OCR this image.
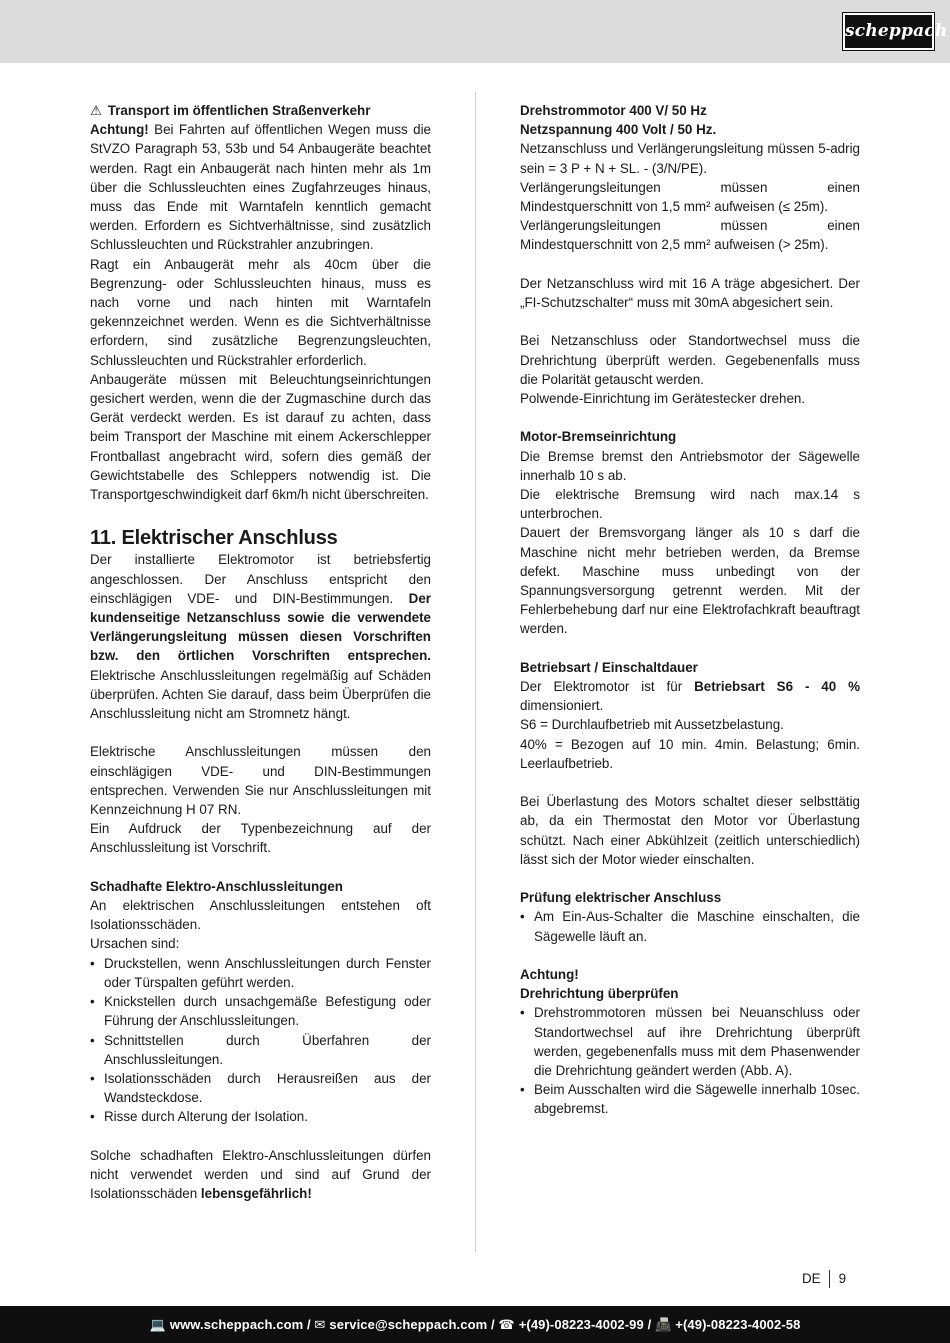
scheppach
⚠ Transport im öffentlichen Straßenverkehr
Achtung! Bei Fahrten auf öffentlichen Wegen muss die StVZO Paragraph 53, 53b und 54 Anbaugeräte beachtet werden. Ragt ein Anbaugerät nach hinten mehr als 1m über die Schlussleuchten eines Zugfahrzeuges hinaus, muss das Ende mit Warntafeln kenntlich gemacht werden. Erfordern es Sichtverhältnisse, sind zusätzlich Schlussleuchten und Rückstrahler anzubringen.
Ragt ein Anbaugerät mehr als 40cm über die Begrenzung- oder Schlussleuchten hinaus, muss es nach vorne und nach hinten mit Warntafeln gekennzeichnet werden. Wenn es die Sichtverhältnisse erfordern, sind zusätzliche Begrenzungsleuchten, Schlussleuchten und Rückstrahler erforderlich.
Anbaugeräte müssen mit Beleuchtungseinrichtungen gesichert werden, wenn die der Zugmaschine durch das Gerät verdeckt werden. Es ist darauf zu achten, dass beim Transport der Maschine mit einem Ackerschlepper Frontballast angebracht wird, sofern dies gemäß der Gewichtstabelle des Schleppers notwendig ist. Die Transportgeschwindigkeit darf 6km/h nicht überschreiten.
11. Elektrischer Anschluss
Der installierte Elektromotor ist betriebsfertig angeschlossen. Der Anschluss entspricht den einschlägigen VDE- und DIN-Bestimmungen. Der kundenseitige Netzanschluss sowie die verwendete Verlängerungsleitung müssen diesen Vorschriften bzw. den örtlichen Vorschriften entsprechen. Elektrische Anschlussleitungen regelmäßig auf Schäden überprüfen. Achten Sie darauf, dass beim Überprüfen die Anschlussleitung nicht am Stromnetz hängt.
Elektrische Anschlussleitungen müssen den einschlägigen VDE- und DIN-Bestimmungen entsprechen. Verwenden Sie nur Anschlussleitungen mit Kennzeichnung H 07 RN.
Ein Aufdruck der Typenbezeichnung auf der Anschlussleitung ist Vorschrift.
Schadhafte Elektro-Anschlussleitungen
An elektrischen Anschlussleitungen entstehen oft Isolationsschäden.
Ursachen sind:
• Druckstellen, wenn Anschlussleitungen durch Fenster oder Türspalten geführt werden.
• Knickstellen durch unsachgemäße Befestigung oder Führung der Anschlussleitungen.
• Schnittstellen durch Überfahren der Anschlussleitungen.
• Isolationsschäden durch Herausreißen aus der Wandsteckdose.
• Risse durch Alterung der Isolation.
Solche schadhaften Elektro-Anschlussleitungen dürfen nicht verwendet werden und sind auf Grund der Isolationsschäden lebensgefährlich!
Drehstrommotor 400 V/ 50 Hz
Netzspannung 400 Volt / 50 Hz.
Netzanschluss und Verlängerungsleitung müssen 5-adrig sein = 3 P + N + SL. - (3/N/PE).
Verlängerungsleitungen müssen einen Mindestquerschnitt von 1,5 mm² aufweisen (≤ 25m).
Verlängerungsleitungen müssen einen Mindestquerschnitt von 2,5 mm² aufweisen (> 25m).
Der Netzanschluss wird mit 16 A träge abgesichert. Der „FI-Schutzschalter“ muss mit 30mA abgesichert sein.
Bei Netzanschluss oder Standortwechsel muss die Drehrichtung überprüft werden. Gegebenenfalls muss die Polarität getauscht werden.
Polwende-Einrichtung im Gerätestecker drehen.
Motor-Bremseinrichtung
Die Bremse bremst den Antriebsmotor der Sägewelle innerhalb 10 s ab.
Die elektrische Bremsung wird nach max.14 s unterbrochen.
Dauert der Bremsvorgang länger als 10 s darf die Maschine nicht mehr betrieben werden, da Bremse defekt. Maschine muss unbedingt von der Spannungsversorgung getrennt werden. Mit der Fehlerbehebung darf nur eine Elektrofachkraft beauftragt werden.
Betriebsart / Einschaltdauer
Der Elektromotor ist für Betriebsart S6 - 40 % dimensioniert.
S6 = Durchlaufbetrieb mit Aussetzbelastung.
40% = Bezogen auf 10 min. 4min. Belastung; 6min. Leerlaufbetrieb.
Bei Überlastung des Motors schaltet dieser selbsttätig ab, da ein Thermostat den Motor vor Überlastung schützt. Nach einer Abkühlzeit (zeitlich unterschiedlich) lässt sich der Motor wieder einschalten.
Prüfung elektrischer Anschluss
• Am Ein-Aus-Schalter die Maschine einschalten, die Sägewelle läuft an.
Achtung!
Drehrichtung überprüfen
• Drehstrommotoren müssen bei Neuanschluss oder Standortwechsel auf ihre Drehrichtung überprüft werden, gegebenenfalls muss mit dem Phasenwender die Drehrichtung geändert werden (Abb. A).
• Beim Ausschalten wird die Sägewelle innerhalb 10sec. abgebremst.
DE 9
💻 www.scheppach.com / ✉ service@scheppach.com / ☎ +(49)-08223-4002-99 / 📠 +(49)-08223-4002-58
